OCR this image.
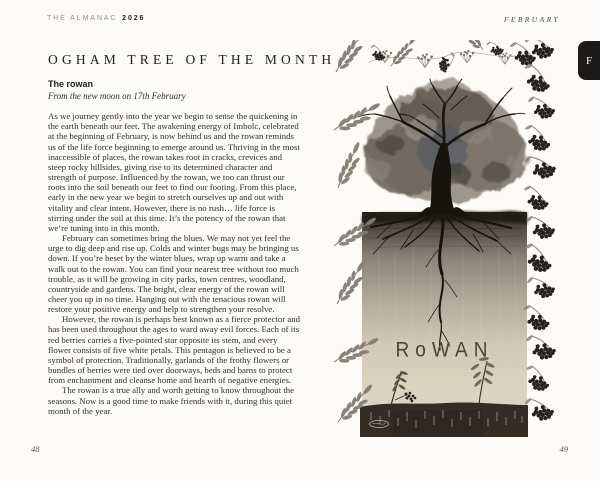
THE ALMANAC 2026	FEBRUARY
F
OGHAM TREE OF THE MONTH
The rowan
From the new moon on 17th February

As we journey gently into the year we begin to sense the quickening in the earth beneath our feet. The awakening energy of Imbolc, celebrated at the beginning of February, is now behind us and the rowan reminds us of the life force beginning to emerge around us. Thriving in the most inaccessible of places, the rowan takes root in cracks, crevices and steep rocky hillsides, giving rise to its determined character and strength of purpose. Influenced by the rowan, we too can thrust our roots into the soil beneath our feet to find our footing. From this place, early in the new year we begin to stretch ourselves up and out with vitality and clear intent. However, there is no rush… life force is stirring under the soil at this time. It’s the potency of the rowan that we’re tuning into in this month.

February can sometimes bring the blues. We may not yet feel the urge to dig deep and rise up. Colds and winter bugs may be bringing us down. If you’re beset by the winter blues, wrap up warm and take a walk out to the rowan. You can find your nearest tree without too much trouble, as it will be growing in city parks, town centres, woodland, countryside and gardens. The bright, clear energy of the rowan will cheer you up in no time. Hanging out with the tenacious rowan will restore your positive energy and help to strengthen your resolve.

However, the rowan is perhaps best known as a fierce protector and has been used throughout the ages to ward away evil forces. Each of its red berries carries a five-pointed star opposite its stem, and every flower consists of five white petals. This pentagon is believed to be a symbol of protection. Traditionally, garlands of the frothy flowers or bundles of berries were tied over doorways, beds and barns to protect from enchantment and cleanse home and hearth of negative energies.

The rowan is a true ally and worth getting to know throughout the seasons. Now is a good time to make friends with it, during this quiet month of the year.

48	49
RoWAN
